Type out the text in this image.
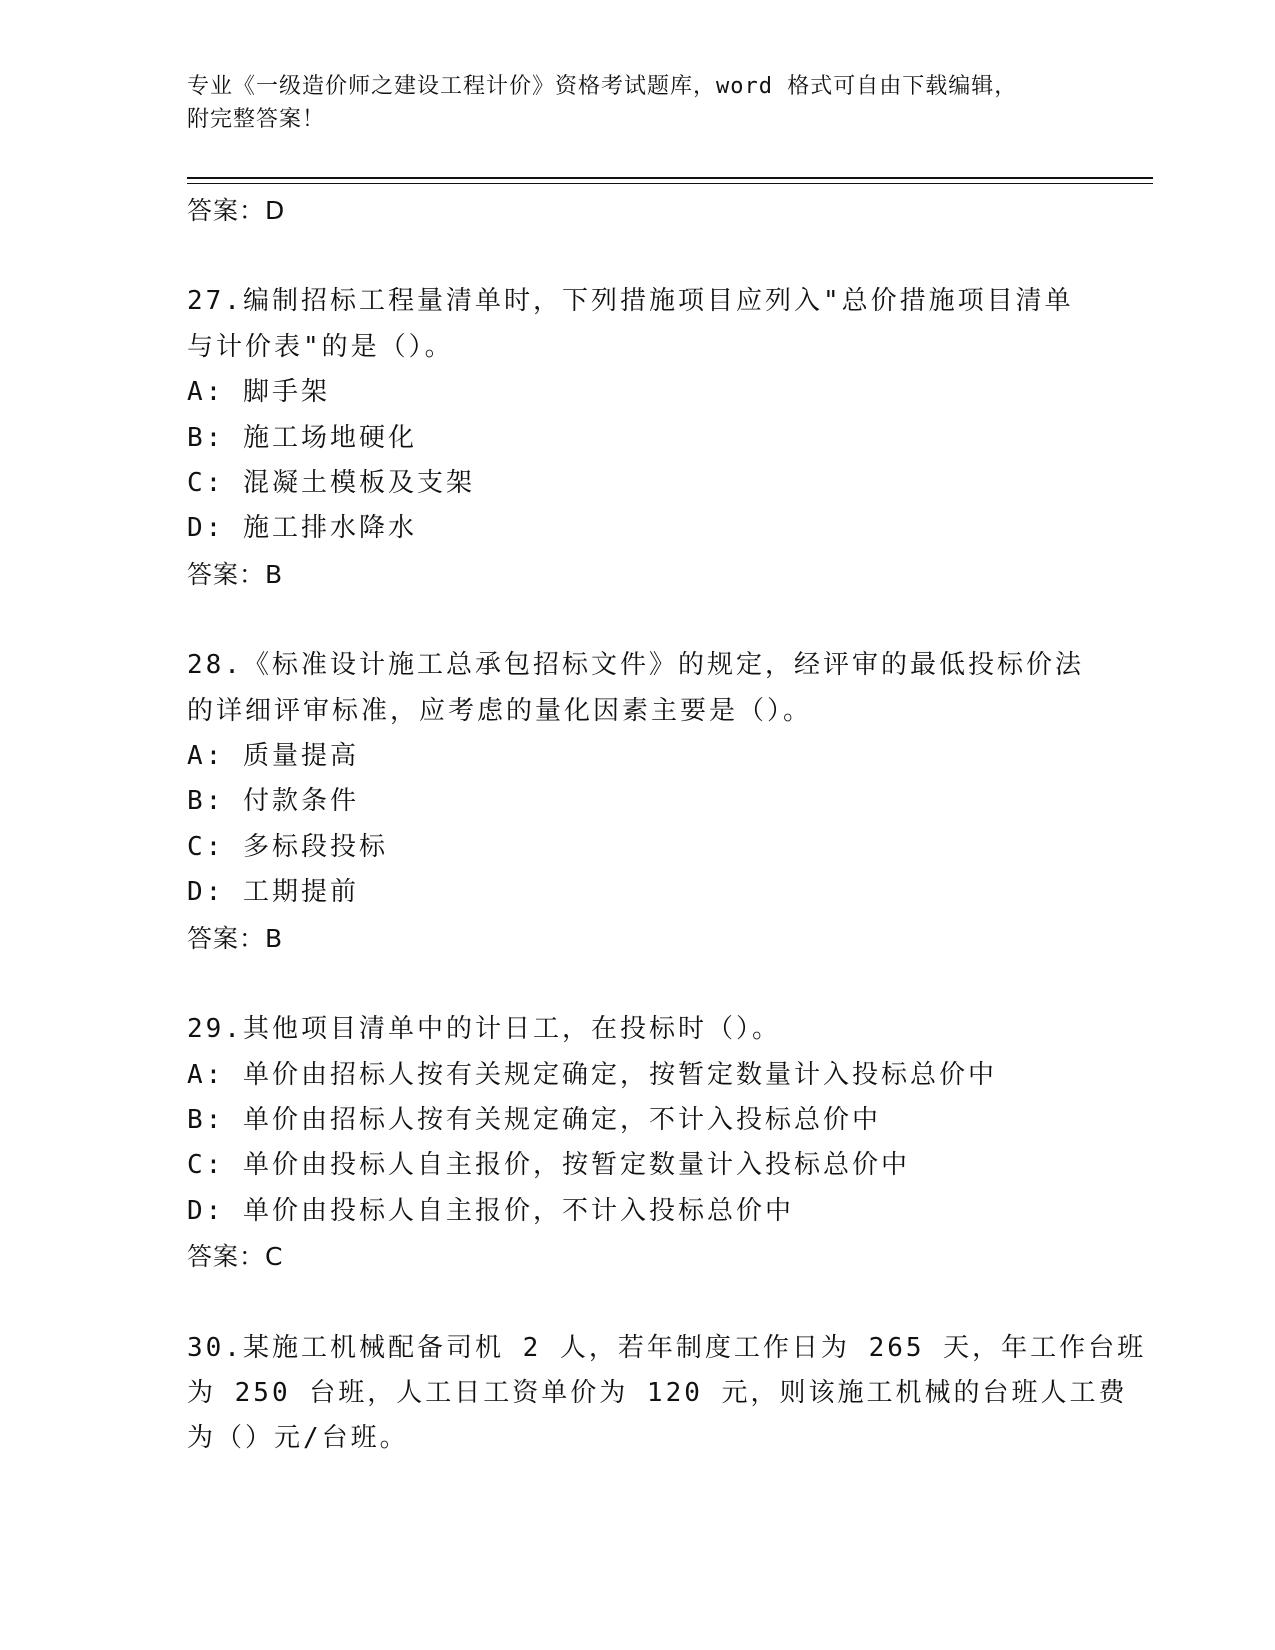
专业《一级造价师之建设工程计价》资格考试题库，word 格式可自由下载编辑，
附完整答案！
答案：D
27.编制招标工程量清单时，下列措施项目应列入"总价措施项目清单
与计价表"的是（）。
A: 脚手架
B: 施工场地硬化
C: 混凝土模板及支架
D: 施工排水降水
答案：B
28.《标准设计施工总承包招标文件》的规定，经评审的最低投标价法
的详细评审标准，应考虑的量化因素主要是（）。
A: 质量提高
B: 付款条件
C: 多标段投标
D: 工期提前
答案：B
29.其他项目清单中的计日工，在投标时（）。
A: 单价由招标人按有关规定确定，按暂定数量计入投标总价中
B: 单价由招标人按有关规定确定，不计入投标总价中
C: 单价由投标人自主报价，按暂定数量计入投标总价中
D: 单价由投标人自主报价，不计入投标总价中
答案：C
30.某施工机械配备司机 2 人，若年制度工作日为 265 天，年工作台班
为 250 台班，人工日工资单价为 120 元，则该施工机械的台班人工费
为（）元/台班。
